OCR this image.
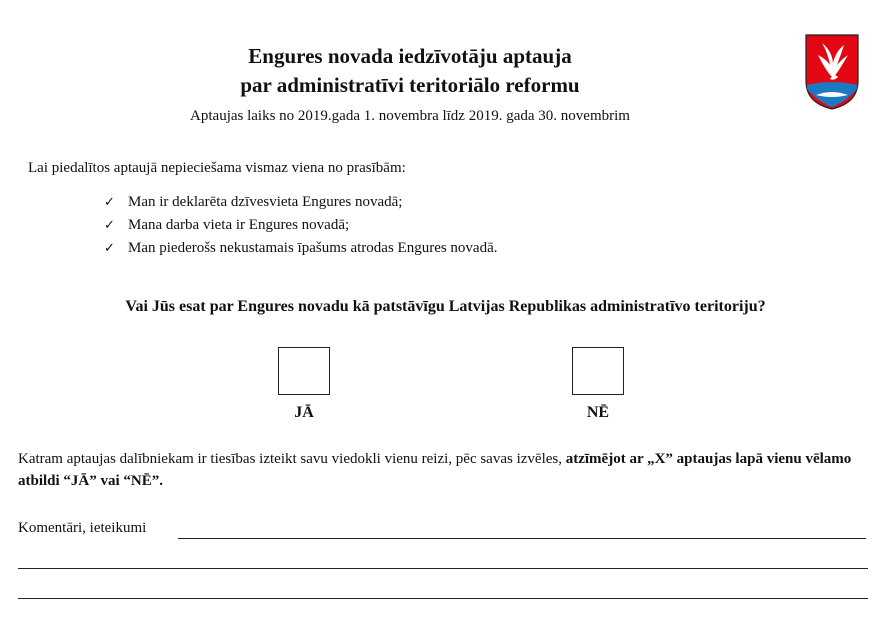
Engures novada iedzīvotāju aptauja
par administratīvi teritoriālo reformu
Aptaujas laiks no 2019.gada 1. novembra līdz 2019. gada 30. novembrim
Lai piedalītos aptaujā nepieciešama vismaz viena no prasībām:
✓ Man ir deklarēta dzīvesvieta Engures novadā;
✓ Mana darba vieta ir Engures novadā;
✓ Man piederošs nekustamais īpašums atrodas Engures novadā.
Vai Jūs esat par Engures novadu kā patstāvīgu Latvijas Republikas administratīvo teritoriju?
JĀ	NĒ
Katram aptaujas dalībniekam ir tiesības izteikt savu viedokli vienu reizi, pēc savas izvēles, atzīmējot ar „X” aptaujas lapā vienu vēlamo atbildi “JĀ” vai “NĒ”.
Komentāri, ieteikumi
